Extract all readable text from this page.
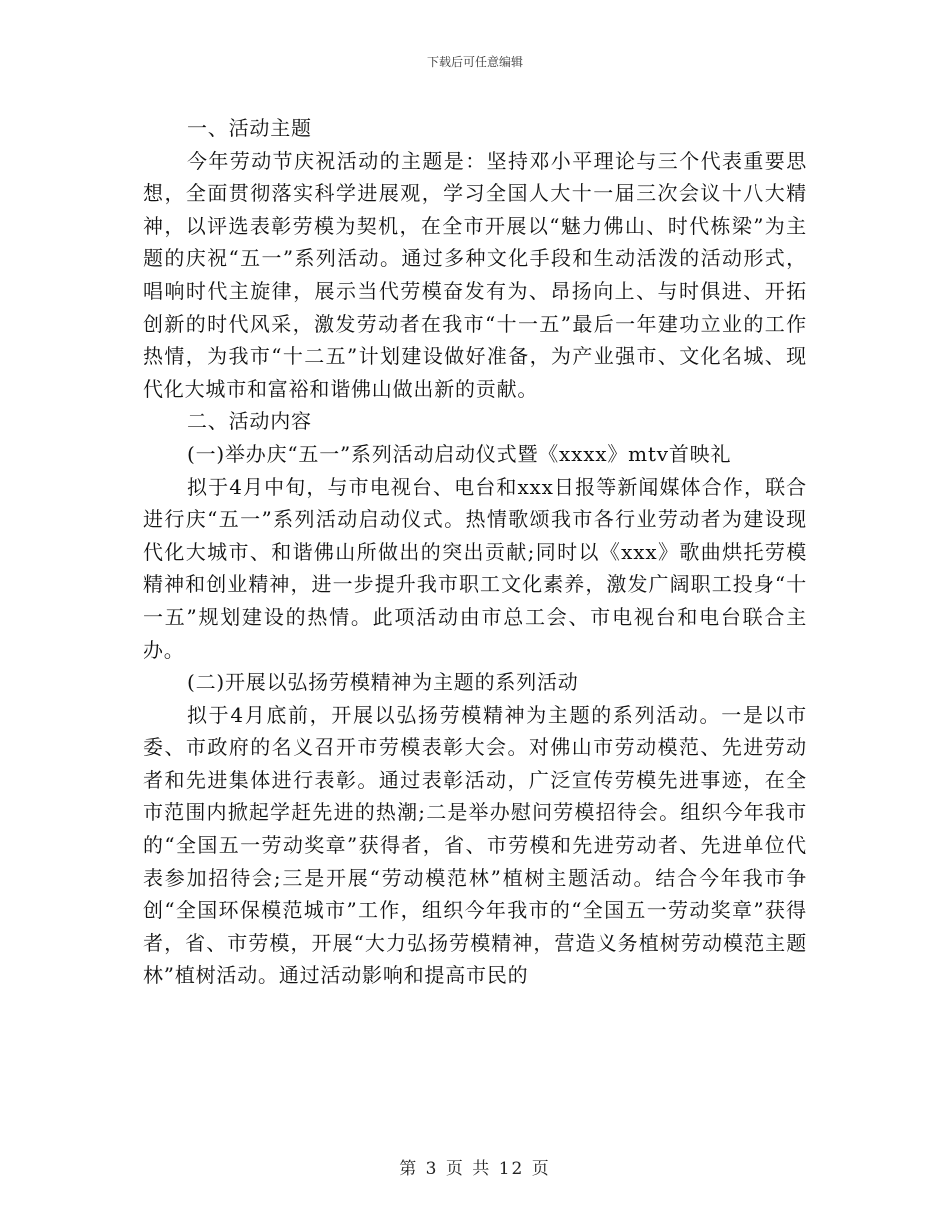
下载后可任意编辑

一、活动主题

今年劳动节庆祝活动的主题是：坚持邓小平理论与三个代表重要思想，全面贯彻落实科学进展观，学习全国人大十一届三次会议十八大精神，以评选表彰劳模为契机，在全市开展以“魅力佛山、时代栋梁”为主题的庆祝“五一”系列活动。通过多种文化手段和生动活泼的活动形式，唱响时代主旋律，展示当代劳模奋发有为、昂扬向上、与时俱进、开拓创新的时代风采，激发劳动者在我市“十一五”最后一年建功立业的工作热情，为我市“十二五”计划建设做好准备，为产业强市、文化名城、现代化大城市和富裕和谐佛山做出新的贡献。

二、活动内容

(一)举办庆“五一”系列活动启动仪式暨《xxxx》mtv首映礼

拟于4月中旬，与市电视台、电台和xxx日报等新闻媒体合作，联合进行庆“五一”系列活动启动仪式。热情歌颂我市各行业劳动者为建设现代化大城市、和谐佛山所做出的突出贡献;同时以《xxx》歌曲烘托劳模精神和创业精神，进一步提升我市职工文化素养，激发广阔职工投身“十一五”规划建设的热情。此项活动由市总工会、市电视台和电台联合主办。

(二)开展以弘扬劳模精神为主题的系列活动

拟于4月底前，开展以弘扬劳模精神为主题的系列活动。一是以市委、市政府的名义召开市劳模表彰大会。对佛山市劳动模范、先进劳动者和先进集体进行表彰。通过表彰活动，广泛宣传劳模先进事迹，在全市范围内掀起学赶先进的热潮;二是举办慰问劳模招待会。组织今年我市的“全国五一劳动奖章”获得者，省、市劳模和先进劳动者、先进单位代表参加招待会;三是开展“劳动模范林”植树主题活动。结合今年我市争创“全国环保模范城市”工作，组织今年我市的“全国五一劳动奖章”获得者，省、市劳模，开展“大力弘扬劳模精神，营造义务植树劳动模范主题林”植树活动。通过活动影响和提高市民的

第 3 页 共 12 页
